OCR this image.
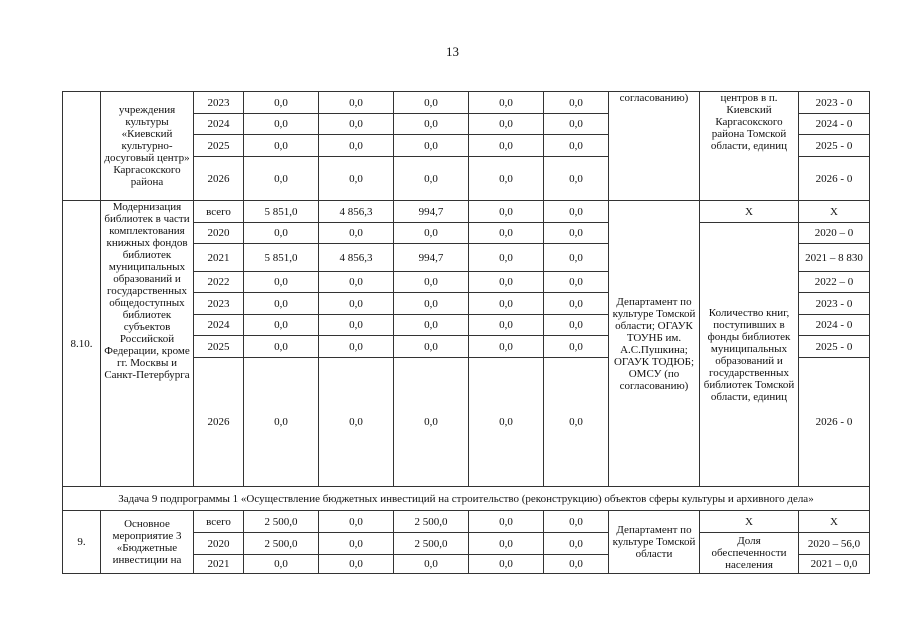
13
	учреждения культуры «Киевский культурно-досуговый центр» Каргасокского района	2023	0,0	0,0	0,0	0,0	0,0	согласованию)	центров в п. Киевский Каргасокского района Томской области, единиц	2023 - 0
		2024	0,0	0,0	0,0	0,0	0,0			2024 - 0
		2025	0,0	0,0	0,0	0,0	0,0			2025 - 0
		2026	0,0	0,0	0,0	0,0	0,0			2026 - 0
8.10.	Модернизация библиотек в части комплектования книжных фондов библиотек муниципальных образований и государственных общедоступных библиотек субъектов Российской Федерации, кроме гг. Москвы и Санкт-Петербурга	всего	5 851,0	4 856,3	994,7	0,0	0,0	Департамент по культуре Томской области; ОГАУК ТОУНБ им. А.С.Пушкина; ОГАУК ТОДЮБ; ОМСУ (по согласованию)	Х	Х
		2020	0,0	0,0	0,0	0,0	0,0		Количество книг, поступивших в фонды библиотек муниципальных образований и государственных библиотек Томской области, единиц	2020 – 0
		2021	5 851,0	4 856,3	994,7	0,0	0,0			2021 – 8 830
		2022	0,0	0,0	0,0	0,0	0,0			2022 – 0
		2023	0,0	0,0	0,0	0,0	0,0			2023 - 0
		2024	0,0	0,0	0,0	0,0	0,0			2024 - 0
		2025	0,0	0,0	0,0	0,0	0,0			2025 - 0
		2026	0,0	0,0	0,0	0,0	0,0			2026 - 0
Задача 9 подпрограммы 1 «Осуществление бюджетных инвестиций на строительство (реконструкцию) объектов сферы культуры и архивного дела»										
9.	Основное мероприятие 3 «Бюджетные инвестиции на	всего	2 500,0	0,0	2 500,0	0,0	0,0	Департамент по культуре Томской области	Х	Х
		2020	2 500,0	0,0	2 500,0	0,0	0,0		Доля обеспеченности населения	2020 – 56,0
		2021	0,0	0,0	0,0	0,0	0,0			2021 – 0,0
